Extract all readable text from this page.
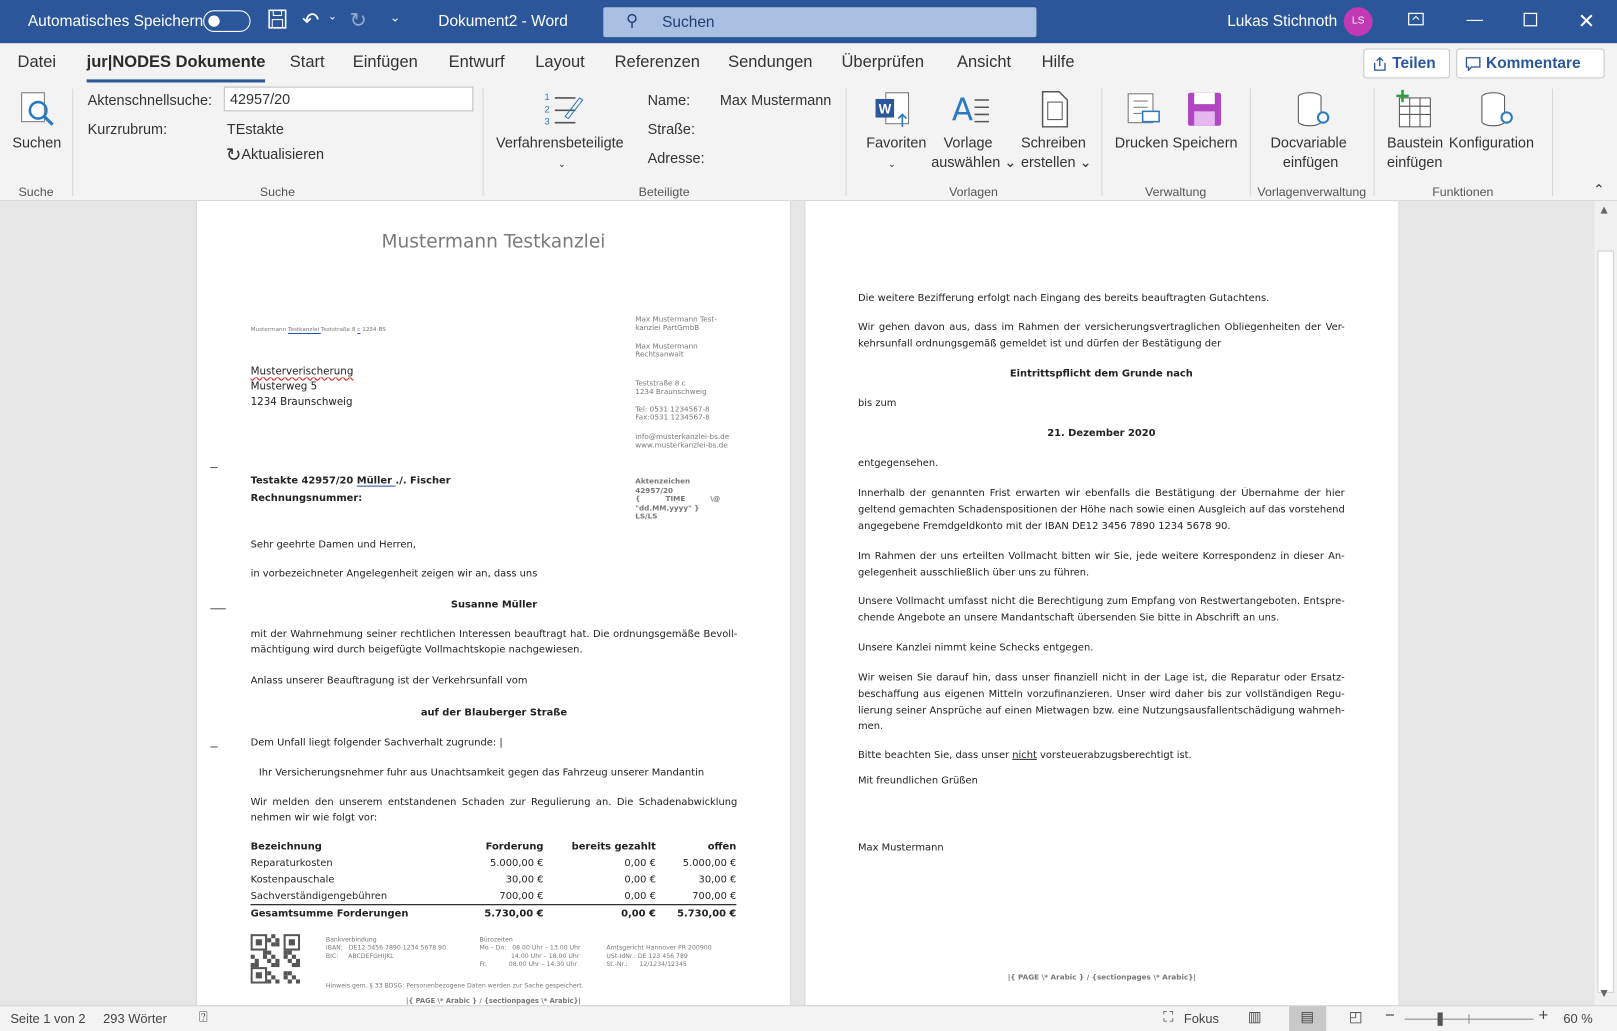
Automatisches Speichern	↶ ⌄ ↻ ⌄	Dokument2 - Word	⚲ Suchen	Lukas Stichnoth	LS	—	✕
Datei jur|NODES Dokumente Start Einfügen Entwurf Layout Referenzen Sendungen Überprüfen Ansicht Hilfe	Teilen	Kommentare
Suchen
Suche
Aktenschnellsuche:	42957/20
Kurzrubrum:	TEstakte
↻Aktualisieren
Suche
1
2
3
Verfahrensbeteiligte
⌄
Name: Max Mustermann
Straße:
Adresse:
Beteiligte
W
Favoriten
⌄
A
Vorlage
auswählen ⌄
Schreiben
erstellen ⌄
Vorlagen
Drucken Speichern
Verwaltung
Docvariable
einfügen
Vorlagenverwaltung
Baustein
einfügen
Konfiguration
Funktionen	⌃
Mustermann Testkanzlei
Mustermann Testkanzlei Teststraße 8 c 1234 BS
Max Mustermann Test-
kanzlei PartGmbB
Max Mustermann
Rechtsanwalt
Teststraße 8 c
1234 Braunschweig
Tel: 0531 1234567-8
Fax:0531 1234567-8
info@musterkanzlei-bs.de
www.musterkanzlei-bs.de
Musterverischerung
Musterweg 5
1234 Braunschweig
Testakte 42957/20 Müller ./. Fischer
Rechnungsnummer:
Aktenzeichen
42957/20
{          TIME          \@
"dd.MM.yyyy" }
LS/LS
Sehr geehrte Damen und Herren,
in vorbezeichneter Angelegenheit zeigen wir an, dass uns
Susanne Müller
mit der Wahrnehmung seiner rechtlichen Interessen beauftragt hat. Die ordnungsgemäße Bevoll-
mächtigung wird durch beigefügte Vollmachtskopie nachgewiesen.
Anlass unserer Beauftragung ist der Verkehrsunfall vom
auf der Blauberger Straße
Dem Unfall liegt folgender Sachverhalt zugrunde: |
Ihr Versicherungsnehmer fuhr aus Unachtsamkeit gegen das Fahrzeug unserer Mandantin
Wir melden den unserem entstandenen Schaden zur Regulierung an. Die Schadenabwicklung
nehmen wir wie folgt vor:
Bezeichnung	Forderung	bereits gezahlt	offen
Reparaturkosten	5.000,00 €	0,00 €	5.000,00 €
Kostenpauschale	30,00 €	0,00 €	30,00 €
Sachverständigengebühren	700,00 €	0,00 €	700,00 €
Gesamtsumme Forderungen	5.730,00 €	0,00 €	5.730,00 €
Bankverbindung
IBAN:   DE12 3456 7890 1234 5678 90
BIC:     ABCDEFGHIJKL
Bürozeiten
Mo – Do:   08.00 Uhr – 13.00 Uhr
14.00 Uhr – 18.00 Uhr
Fr:           08.00 Uhr – 14.30 Uhr
Amtsgericht Hannover PR 200900
USt-IdNr.: DE 123 456 789
St.-Nr.:      12/1234/12345
Hinweis gem. § 33 BDSG: Personenbezogene Daten werden zur Sache gespeichert.
|{ PAGE \* Arabic } / {sectionpages \* Arabic}|
Die weitere Bezifferung erfolgt nach Eingang des bereits beauftragten Gutachtens.
Wir gehen davon aus, dass im Rahmen der versicherungsvertraglichen Obliegenheiten der Ver-
kehrsunfall ordnungsgemäß gemeldet ist und dürfen der Bestätigung der
Eintrittspflicht dem Grunde nach
bis zum
21. Dezember 2020
entgegensehen.
Innerhalb der genannten Frist erwarten wir ebenfalls die Bestätigung der Übernahme der hier
geltend gemachten Schadenspositionen der Höhe nach sowie einen Ausgleich auf das vorstehend
angegebene Fremdgeldkonto mit der IBAN DE12 3456 7890 1234 5678 90.
Im Rahmen der uns erteilten Vollmacht bitten wir Sie, jede weitere Korrespondenz in dieser An-
gelegenheit ausschließlich über uns zu führen.
Unsere Vollmacht umfasst nicht die Berechtigung zum Empfang von Restwertangeboten. Entspre-
chende Angebote an unsere Mandantschaft übersenden Sie bitte in Abschrift an uns.
Unsere Kanzlei nimmt keine Schecks entgegen.
Wir weisen Sie darauf hin, dass unser finanziell nicht in der Lage ist, die Reparatur oder Ersatz-
beschaffung aus eigenen Mitteln vorzufinanzieren. Unser wird daher bis zur vollständigen Regu-
lierung seiner Ansprüche auf einen Mietwagen bzw. eine Nutzungsausfallentschädigung wahrneh-
men.
Bitte beachten Sie, dass unser nicht vorsteuerabzugsberechtigt ist.
Mit freundlichen Grüßen
Max Mustermann
|{ PAGE \* Arabic } / {sectionpages \* Arabic}|
▲
▼
Seite 1 von 2 293 Wörter ⍰	⛶ Fokus ▥	▤ ◰ −	+ 60 %
